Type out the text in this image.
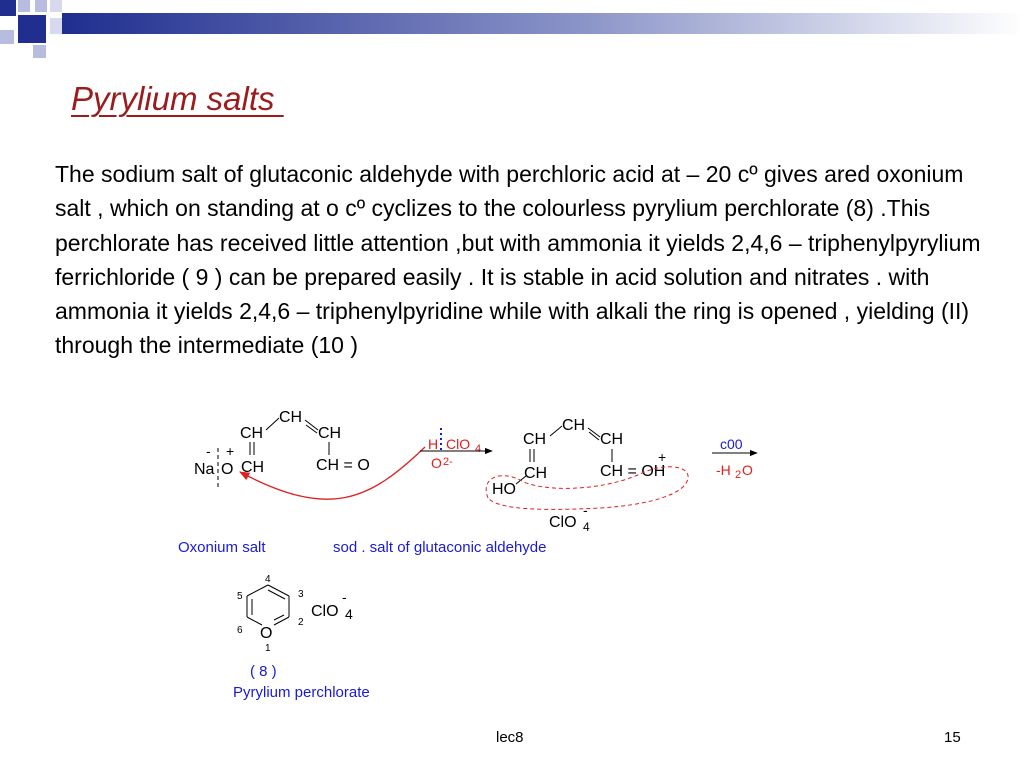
Pyrylium salts
The sodium salt of glutaconic aldehyde with perchloric acid at – 20 cº gives ared oxonium salt , which on standing at o cº cyclizes to the colourless pyrylium perchlorate (8) .This perchlorate has received little attention ,but with ammonia it yields 2,4,6 – triphenylpyrylium ferrichloride ( 9 ) can be prepared easily . It is stable in acid solution and nitrates . with ammonia it yields 2,4,6 – triphenylpyridine while with alkali the ring is opened , yielding (II) through the intermediate (10 )
CH
CH	CH
Na O CH	CH = O
- +	H ClO 4
O 2-
CH
CH	CH
CH
HO
CH = OH
+
ClO 4
-
c00
-H 2 O
Oxonium salt	sod . salt of glutaconic aldehyde
O
4
3
2
1
5
6
ClO 4
-
( 8 )
Pyrylium perchlorate
lec8	15
